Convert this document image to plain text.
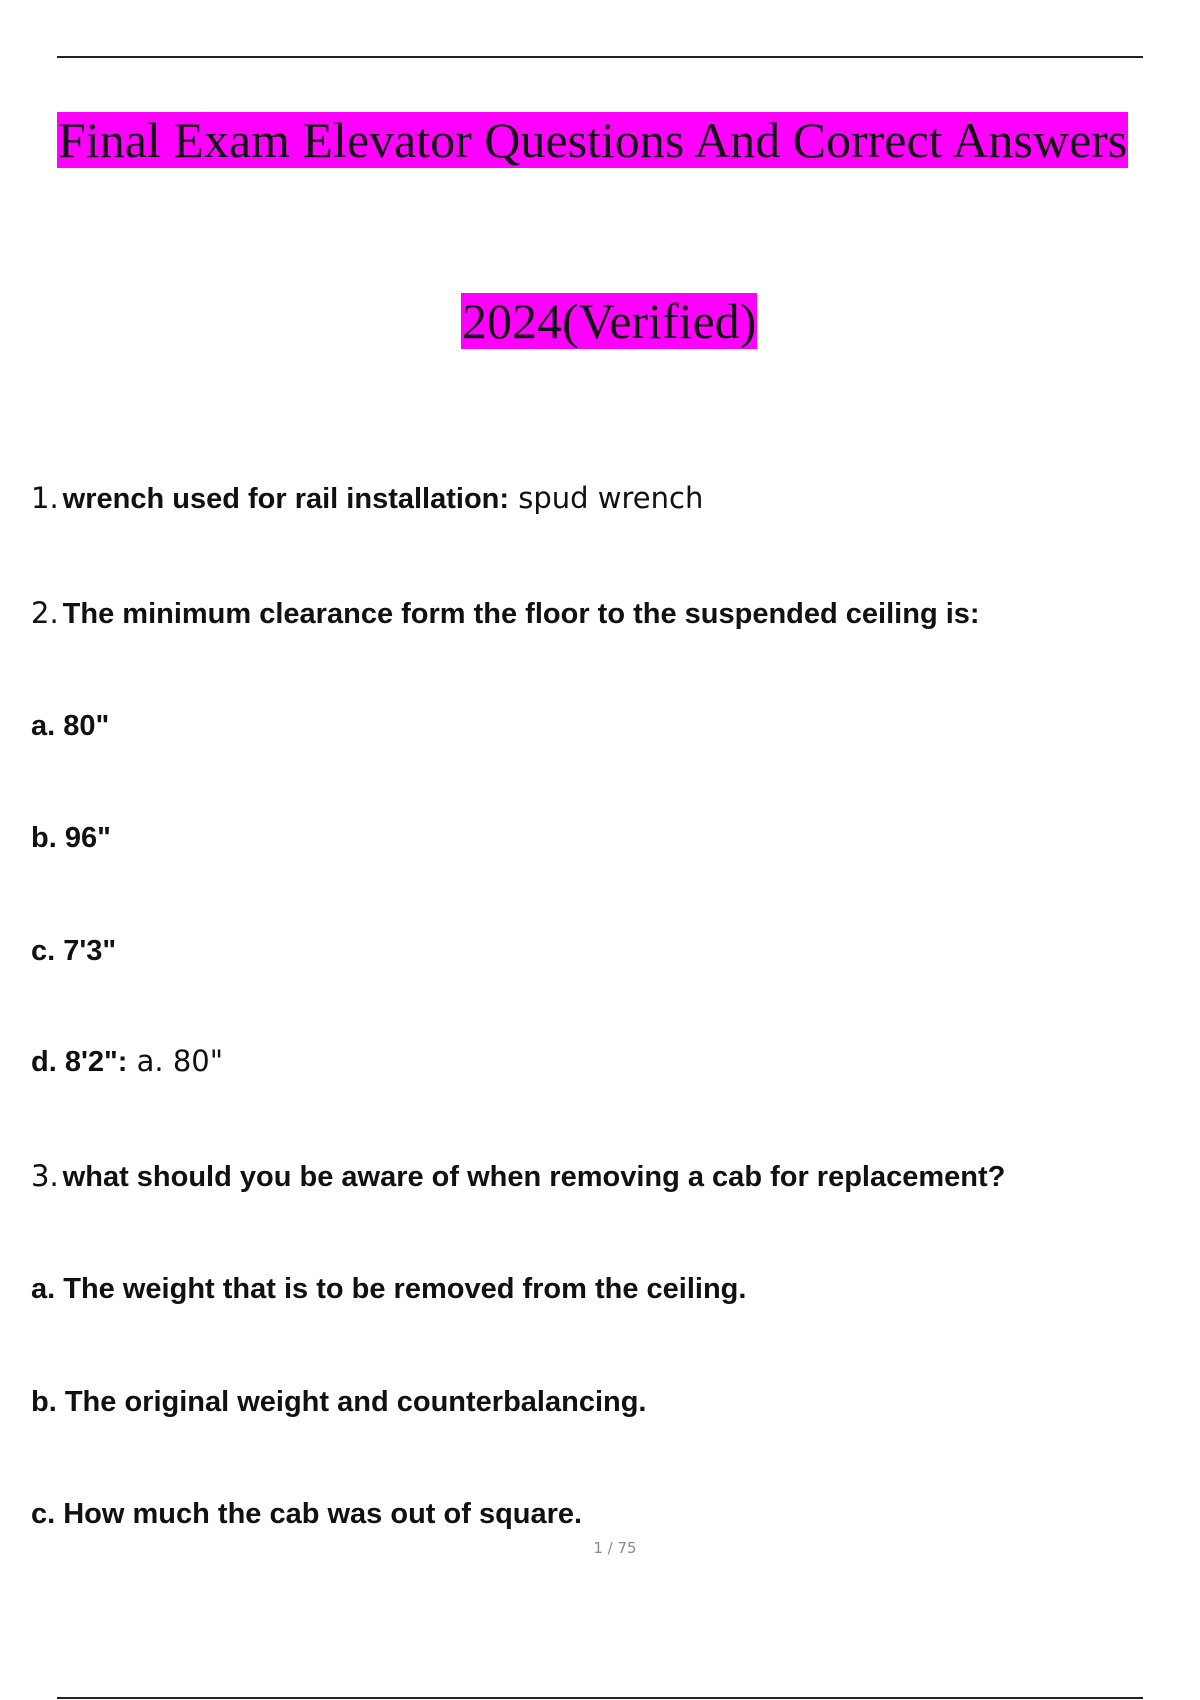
Final Exam Elevator Questions And Correct Answers
2024(Verified)
1. wrench used for rail installation: spud wrench
2. The minimum clearance form the floor to the suspended ceiling is:
a. 80"
b. 96"
c. 7'3"
d. 8'2": a. 80"
3. what should you be aware of when removing a cab for replacement?
a. The weight that is to be removed from the ceiling.
b. The original weight and counterbalancing.
c. How much the cab was out of square.
1 / 75
